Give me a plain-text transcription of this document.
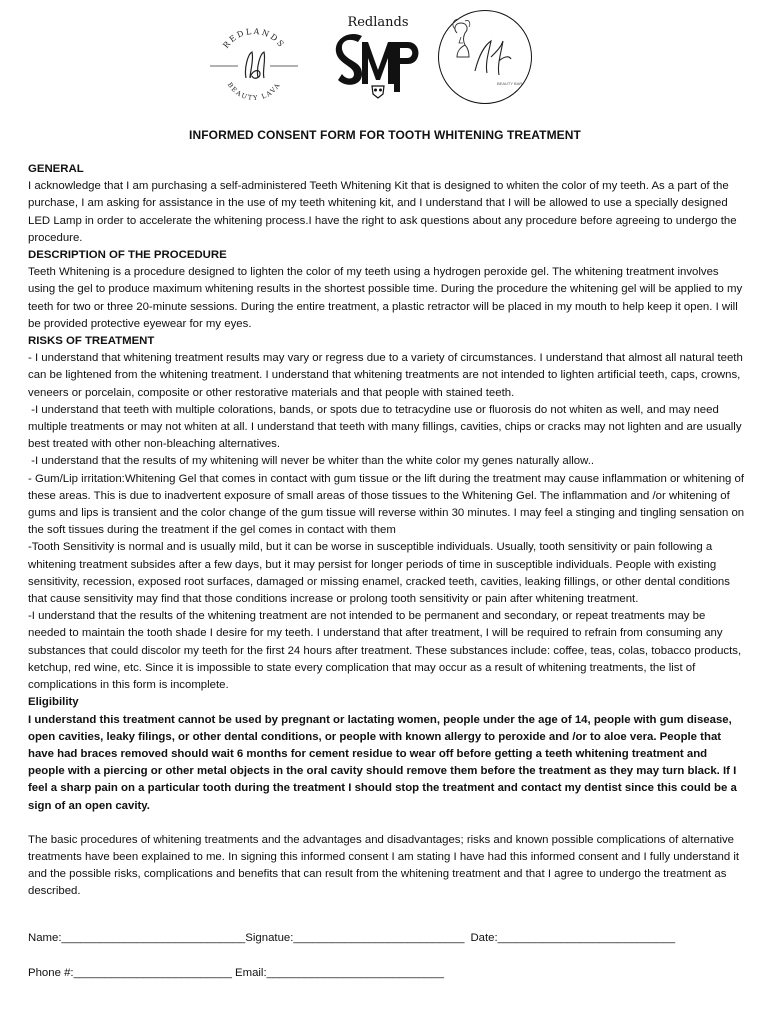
REDLANDS
BEAUTY LAVA
Redlands
BEAUTY BAR
INFORMED CONSENT FORM FOR TOOTH WHITENING TREATMENT

GENERAL

I acknowledge that I am purchasing a self-administered Teeth Whitening Kit that is designed to whiten the color of my teeth. As a part of the purchase, I am asking for assistance in the use of my teeth whitening kit, and I understand that I will be allowed to use a specially designed LED Lamp in order to accelerate the whitening process.I have the right to ask questions about any procedure before agreeing to undergo the procedure.

DESCRIPTION OF THE PROCEDURE

Teeth Whitening is a procedure designed to lighten the color of my teeth using a hydrogen peroxide gel. The whitening treatment involves using the gel to produce maximum whitening results in the shortest possible time. During the procedure the whitening gel will be applied to my teeth for two or three 20-minute sessions. During the entire treatment, a plastic retractor will be placed in my mouth to help keep it open. I will be provided protective eyewear for my eyes.

RISKS OF TREATMENT

- I understand that whitening treatment results may vary or regress due to a variety of circumstances. I understand that almost all natural teeth can be lightened from the whitening treatment. I understand that whitening treatments are not intended to lighten artificial teeth, caps, crowns, veneers or porcelain, composite or other restorative materials and that people with stained teeth.

-I understand that teeth with multiple colorations, bands, or spots due to tetracydine use or fluorosis do not whiten as well, and may need multiple treatments or may not whiten at all. I understand that teeth with many fillings, cavities, chips or cracks may not lighten and are usually best treated with other non-bleaching alternatives.

-I understand that the results of my whitening will never be whiter than the white color my genes naturally allow..

- Gum/Lip irritation:Whitening Gel that comes in contact with gum tissue or the lift during the treatment may cause inflammation or whitening of these areas. This is due to inadvertent exposure of small areas of those tissues to the Whitening Gel. The inflammation and /or whitening of gums and lips is transient and the color change of the gum tissue will reverse within 30 minutes. I may feel a stinging and tingling sensation on the soft tissues during the treatment if the gel comes in contact with them

-Tooth Sensitivity is normal and is usually mild, but it can be worse in susceptible individuals. Usually, tooth sensitivity or pain following a whitening treatment subsides after a few days, but it may persist for longer periods of time in susceptible individuals. People with existing sensitivity, recession, exposed root surfaces, damaged or missing enamel, cracked teeth, cavities, leaking fillings, or other dental conditions that cause sensitivity may find that those conditions increase or prolong tooth sensitivity or pain after whitening treatment.

-I understand that the results of the whitening treatment are not intended to be permanent and secondary, or repeat treatments may be needed to maintain the tooth shade I desire for my teeth. I understand that after treatment, I will be required to refrain from consuming any substances that could discolor my teeth for the first 24 hours after treatment. These substances include: coffee, teas, colas, tobacco products, ketchup, red wine, etc. Since it is impossible to state every complication that may occur as a result of whitening treatments, the list of complications in this form is incomplete.

Eligibility

I understand this treatment cannot be used by pregnant or lactating women, people under the age of 14, people with gum disease, open cavities, leaky filings, or other dental conditions, or people with known allergy to peroxide and /or to aloe vera. People that have had braces removed should wait 6 months for cement residue to wear off before getting a teeth whitening treatment and people with a piercing or other metal objects in the oral cavity should remove them before the treatment as they may turn black. If I feel a sharp pain on a particular tooth during the treatment I should stop the treatment and contact my dentist since this could be a sign of an open cavity.

The basic procedures of whitening treatments and the advantages and disadvantages; risks and known possible complications of alternative treatments have been explained to me. In signing this informed consent I am stating I have had this informed consent and I fully understand it and the possible risks, complications and benefits that can result from the whitening treatment and that I agree to undergo the treatment as described.

Name:_____________________________Signatue:___________________________ Date:____________________________
Phone #:_________________________ Email:____________________________
